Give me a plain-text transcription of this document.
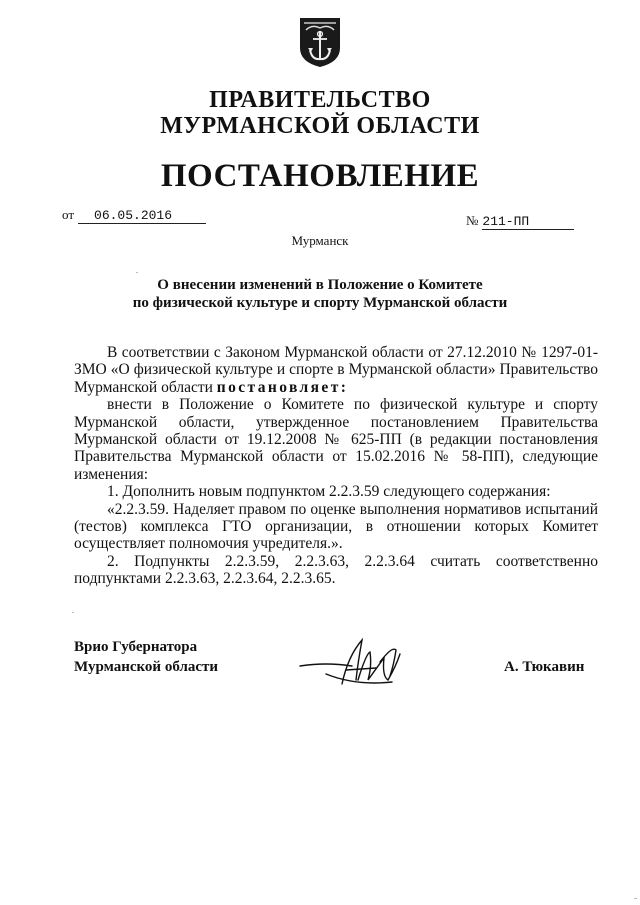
ПРАВИТЕЛЬСТВО
МУРМАНСКОЙ ОБЛАСТИ
ПОСТАНОВЛЕНИЕ
от 06.05.2016	№ 211-ПП
Мурманск
О внесении изменений в Положение о Комитете
по физической культуре и спорту Мурманской области

В соответствии с Законом Мурманской области от 27.12.2010 № 1297-01-ЗМО «О физической культуре и спорте в Мурманской области» Правительство Мурманской области постановляет:

внести в Положение о Комитете по физической культуре и спорту Мурманской области, утвержденное постановлением Правительства Мурманской области от 19.12.2008 № 625-ПП (в редакции постановления Правительства Мурманской области от 15.02.2016 № 58-ПП), следующие изменения:

1. Дополнить новым подпунктом 2.2.3.59 следующего содержания:

«2.2.3.59. Наделяет правом по оценке выполнения нормативов испытаний (тестов) комплекса ГТО организации, в отношении которых Комитет осуществляет полномочия учредителя.».

2. Подпункты 2.2.3.59, 2.2.3.63, 2.2.3.64 считать соответственно подпунктами 2.2.3.63, 2.2.3.64, 2.2.3.65.

Врио Губернатора
Мурманской области	А. Тюкавин
